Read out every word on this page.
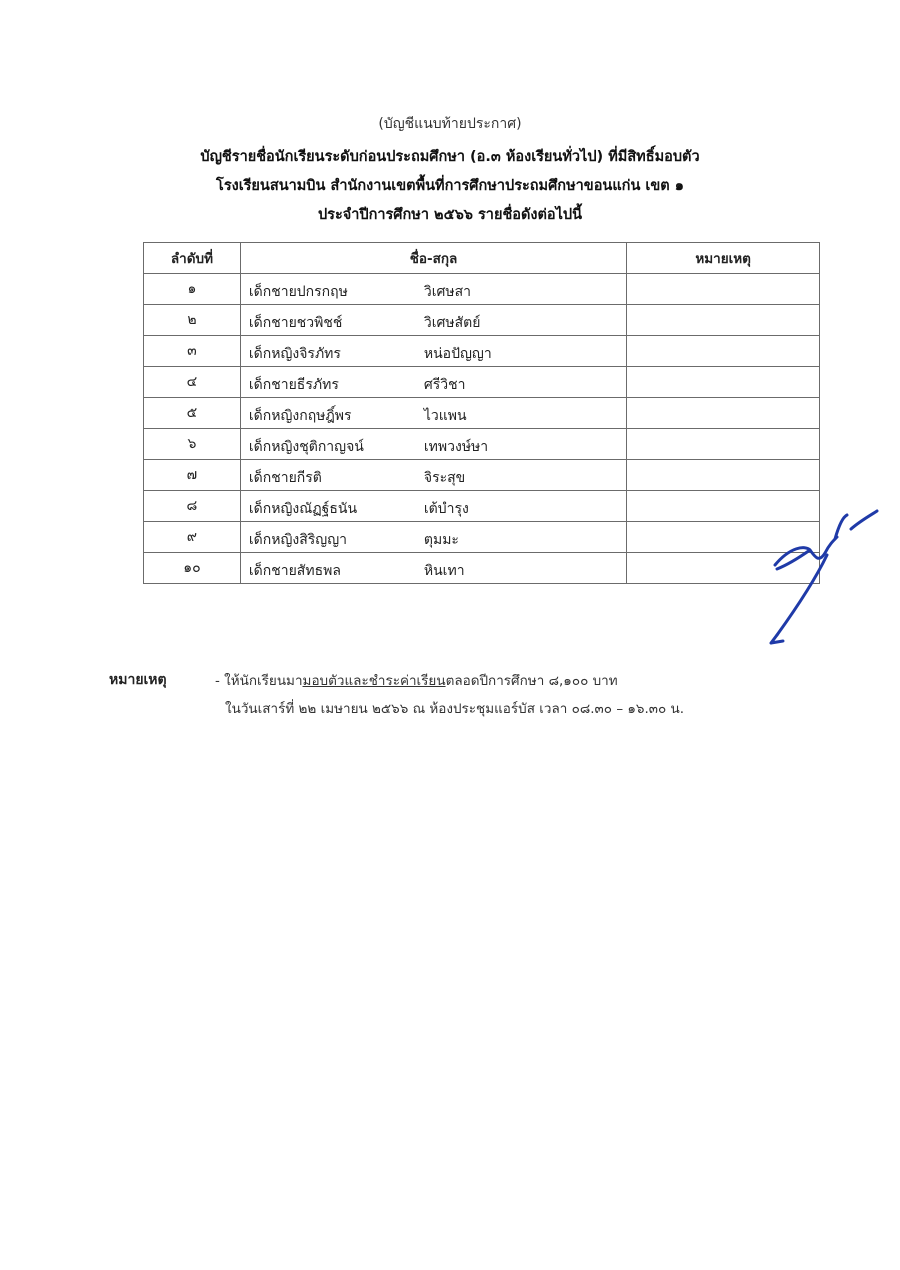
(บัญชีแนบท้ายประกาศ)
บัญชีรายชื่อนักเรียนระดับก่อนประถมศึกษา (อ.๓ ห้องเรียนทั่วไป) ที่มีสิทธิ์มอบตัว
โรงเรียนสนามบิน สำนักงานเขตพื้นที่การศึกษาประถมศึกษาขอนแก่น เขต ๑
ประจำปีการศึกษา ๒๕๖๖ รายชื่อดังต่อไปนี้
ลำดับที่	ชื่อ-สกุล	หมายเหตุ
๑	เด็กชายปกรกฤษ วิเศษสา	

๒	เด็กชายชวพิชช์ วิเศษสัตย์	

๓	เด็กหญิงจิรภัทร หน่อปัญญา	

๔	เด็กชายธีรภัทร ศรีวิชา	

๕	เด็กหญิงกฤษฎิ์พร ไวแพน	

๖	เด็กหญิงชุติกาญจน์ เทพวงษ์ษา	

๗	เด็กชายกีรติ จิระสุข	

๘	เด็กหญิงณัฏฐ์ธนัน เต้บำรุง	

๙	เด็กหญิงสิริญญา ตุมมะ	

๑๐	เด็กชายสัทธพล หินเทา	

หมายเหตุ	- ให้นักเรียนมามอบตัวและชำระค่าเรียนตลอดปีการศึกษา ๘,๑๐๐ บาท
ในวันเสาร์ที่ ๒๒ เมษายน ๒๕๖๖ ณ ห้องประชุมแอร์บัส เวลา ๐๘.๓๐ – ๑๖.๓๐ น.
